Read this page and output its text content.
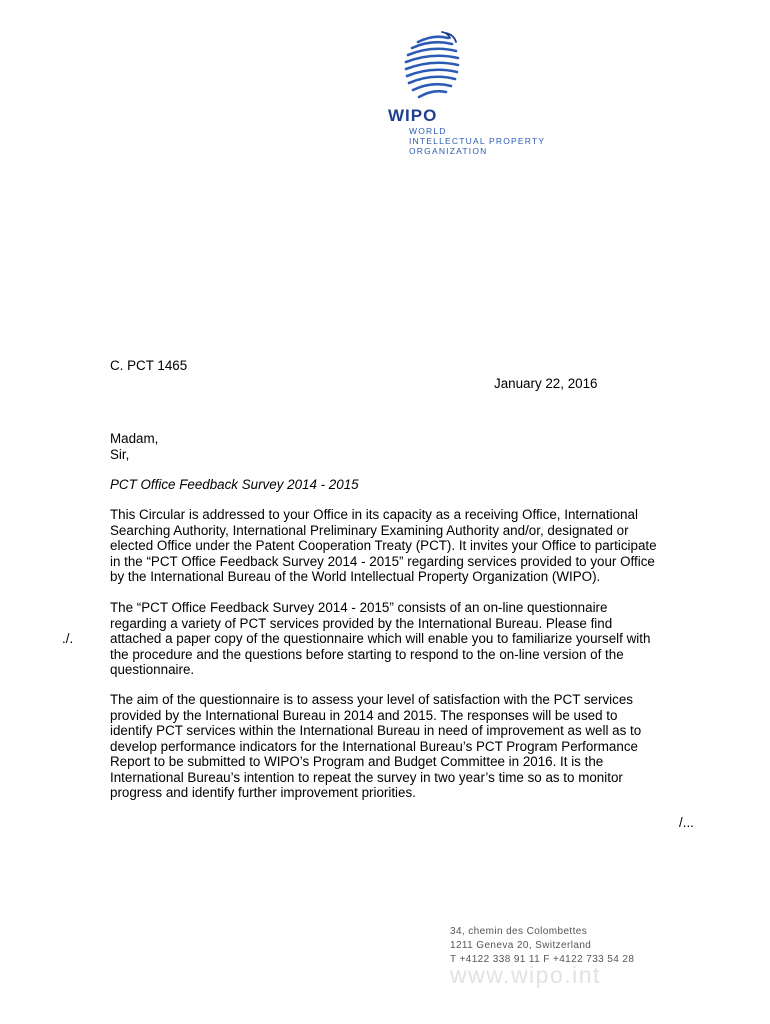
WIPO
WORLD
INTELLECTUAL PROPERTY
ORGANIZATION
C. PCT 1465
January 22, 2016
Madam,
Sir,
PCT Office Feedback Survey 2014 - 2015
This Circular is addressed to your Office in its capacity as a receiving Office, International
Searching Authority, International Preliminary Examining Authority and/or, designated or
elected Office under the Patent Cooperation Treaty (PCT). It invites your Office to participate
in the “PCT Office Feedback Survey 2014 - 2015” regarding services provided to your Office
by the International Bureau of the World Intellectual Property Organization (WIPO).
The “PCT Office Feedback Survey 2014 - 2015” consists of an on-line questionnaire
regarding a variety of PCT services provided by the International Bureau. Please find
attached a paper copy of the questionnaire which will enable you to familiarize yourself with
the procedure and the questions before starting to respond to the on-line version of the
questionnaire.
./.
The aim of the questionnaire is to assess your level of satisfaction with the PCT services
provided by the International Bureau in 2014 and 2015. The responses will be used to
identify PCT services within the International Bureau in need of improvement as well as to
develop performance indicators for the International Bureau’s PCT Program Performance
Report to be submitted to WIPO’s Program and Budget Committee in 2016. It is the
International Bureau’s intention to repeat the survey in two year’s time so as to monitor
progress and identify further improvement priorities.
/...
34, chemin des Colombettes
1211 Geneva 20, Switzerland
T +4122 338 91 11 F +4122 733 54 28
www.wipo.int
